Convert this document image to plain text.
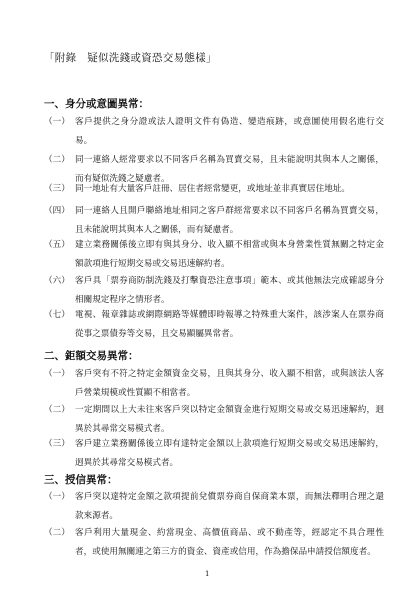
「附錄　疑似洗錢或資恐交易態樣」
一、身分或意圖異常：
（一） 客戶提供之身分證或法人證明文件有偽造、變造痕跡，或意圖使用假名進行交易。
（二） 同一連絡人經常要求以不同客戶名稱為買賣交易，且未能說明其與本人之關係，而有疑似洗錢之疑慮者。
（三） 同一地址有大量客戶註冊、居住者經常變更，或地址並非真實居住地址。
（四） 同一連絡人且開戶聯絡地址相同之客戶群經常要求以不同客戶名稱為買賣交易，且未能說明其與本人之關係，而有疑慮者。
（五） 建立業務關係後立即有與其身分、收入顯不相當或與本身營業性質無關之特定金額款項進行短期交易或交易迅速解約者。
（六） 客戶具「票券商防制洗錢及打擊資恐注意事項」範本、或其他無法完成確認身分相關規定程序之情形者。
（七） 電視、報章雜誌或網際網路等媒體即時報導之特殊重大案件，該涉案人在票券商從事之票債券等交易，且交易顯屬異常者。
二、鉅額交易異常：
（一） 客戶突有不符之特定金額資金交易，且與其身分、收入顯不相當，或與該法人客戶營業規模或性質顯不相當者。
（二） 一定期間以上大未往來客戶突以特定金額資金進行短期交易或交易迅速解約，迥異於其尋常交易模式者。
（三） 客戶建立業務關係後立即有達特定金額以上款項進行短期交易或交易迅速解約，迥異於其尋常交易模式者。
三、授信異常：
（一） 客戶突以達特定金額之款項提前兌償票券商自保商業本票，而無法釋明合理之還款來源者。
（二） 客戶利用大量現金、約當現金、高價值商品、或不動產等，經認定不具合理性者，或使用無關連之第三方的資金、資產或信用，作為擔保品申請授信額度者。
1
